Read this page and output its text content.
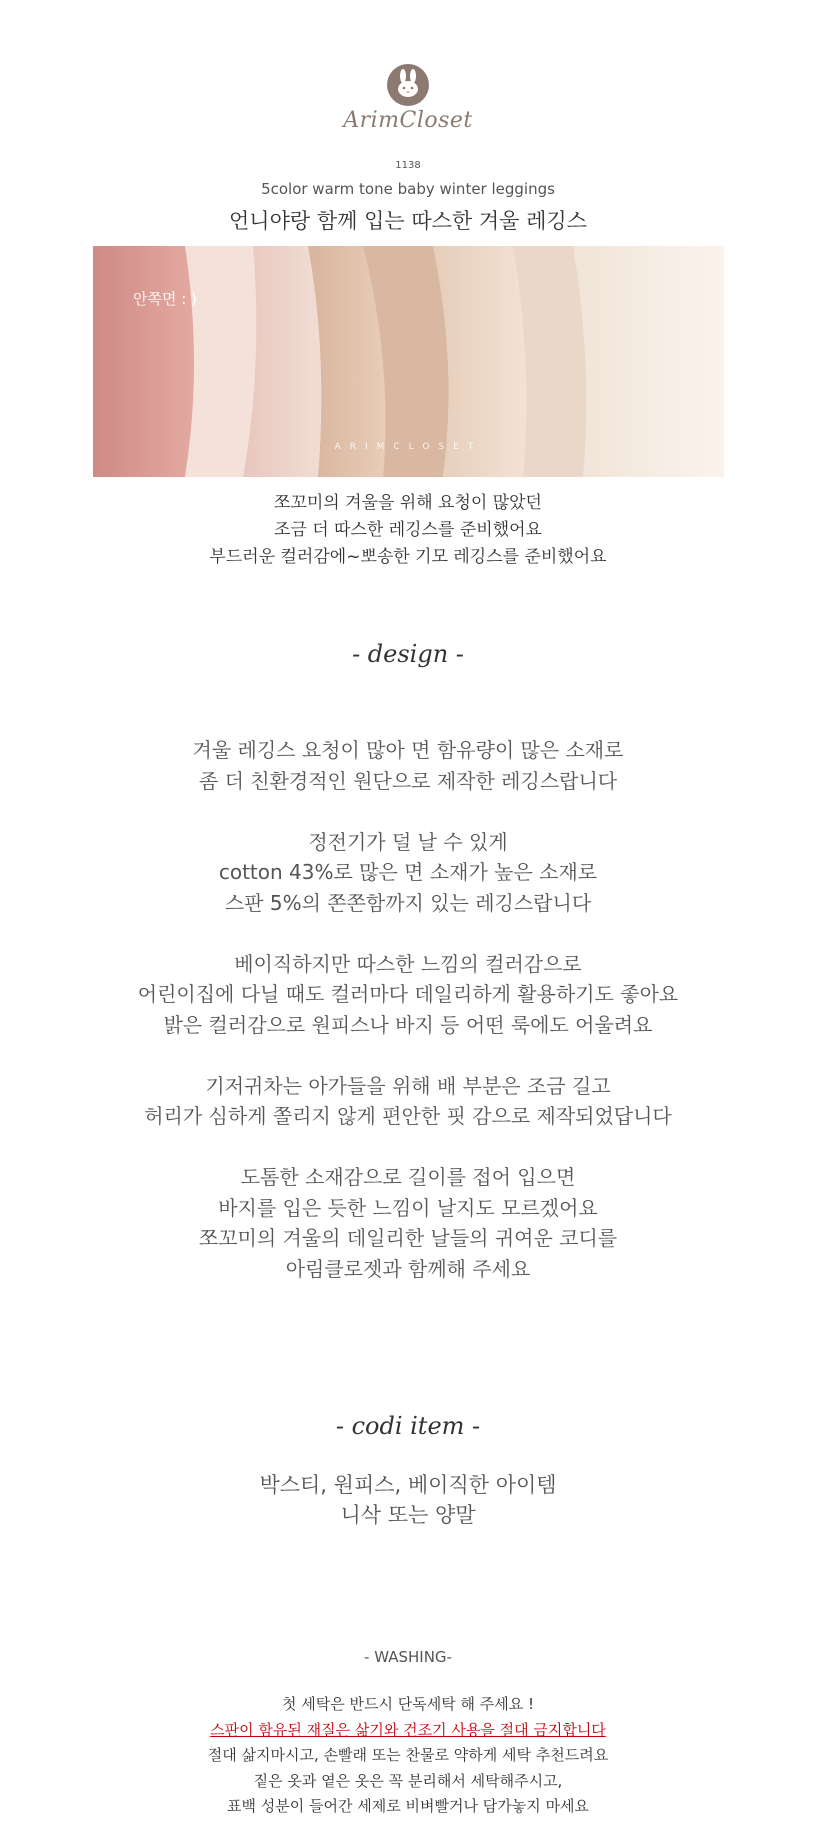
ArimCloset
1138
5color warm tone baby winter leggings
언니야랑 함께 입는 따스한 겨울 레깅스
안쪽면 : )
ARIMCLOSET
쪼꼬미의 겨울을 위해 요청이 많았던
조금 더 따스한 레깅스를 준비했어요
부드러운 컬러감에~뽀송한 기모 레깅스를 준비했어요
- design -
겨울 레깅스 요청이 많아 면 함유량이 많은 소재로
좀 더 친환경적인 원단으로 제작한 레깅스랍니다
정전기가 덜 날 수 있게
cotton 43%로 많은 면 소재가 높은 소재로
스판 5%의 쫀쫀함까지 있는 레깅스랍니다
베이직하지만 따스한 느낌의 컬러감으로
어린이집에 다닐 때도 컬러마다 데일리하게 활용하기도 좋아요
밝은 컬러감으로 원피스나 바지 등 어떤 룩에도 어울려요
기저귀차는 아가들을 위해 배 부분은 조금 길고
허리가 심하게 쫄리지 않게 편안한 핏 감으로 제작되었답니다
도톰한 소재감으로 길이를 접어 입으면
바지를 입은 듯한 느낌이 날지도 모르겠어요
쪼꼬미의 겨울의 데일리한 날들의 귀여운 코디를
아림클로젯과 함께해 주세요
- codi item -
박스티, 원피스, 베이직한 아이템
니삭 또는 양말
- WASHING-
첫 세탁은 반드시 단독세탁 해 주세요 !
스판이 함유된 재질은 삶기와 건조기 사용을 절대 금지합니다
절대 삶지마시고, 손빨래 또는 찬물로 약하게 세탁 추천드려요
짙은 옷과 옅은 옷은 꼭 분리해서 세탁해주시고,
표백 성분이 들어간 세제로 비벼빨거나 담가놓지 마세요
